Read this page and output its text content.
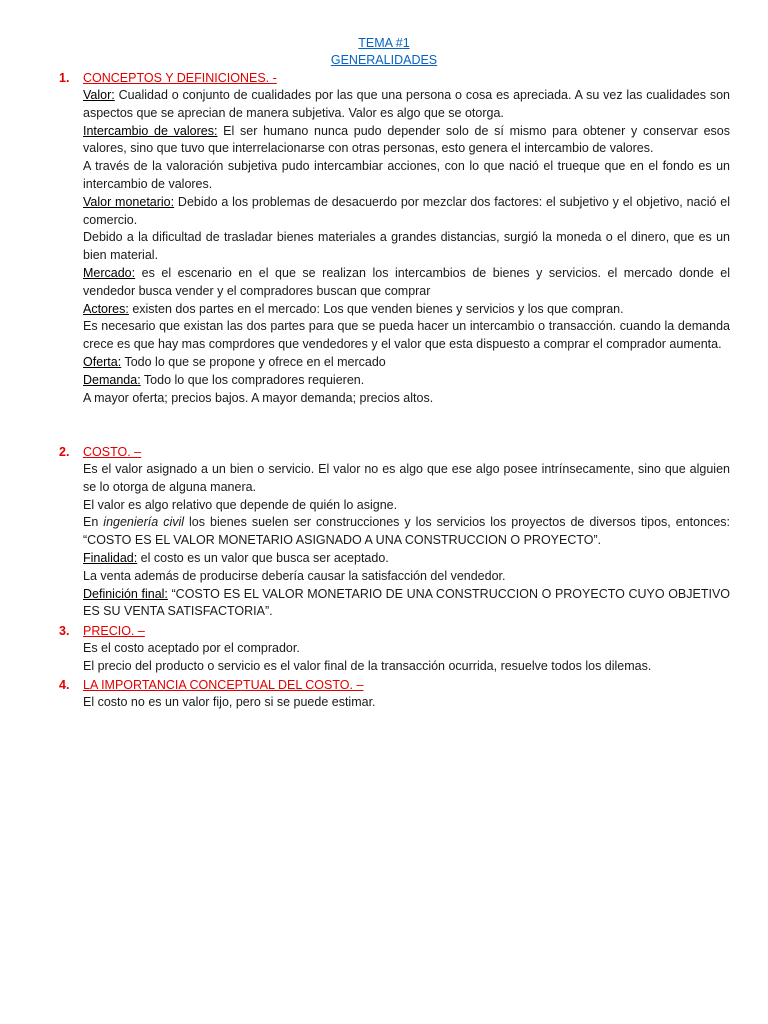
TEMA #1
GENERALIDADES
1. CONCEPTOS Y DEFINICIONES. -

Valor: Cualidad o conjunto de cualidades por las que una persona o cosa es apreciada. A su vez las cualidades son aspectos que se aprecian de manera subjetiva. Valor es algo que se otorga.

Intercambio de valores: El ser humano nunca pudo depender solo de sí mismo para obtener y conservar esos valores, sino que tuvo que interrelacionarse con otras personas, esto genera el intercambio de valores.

A través de la valoración subjetiva pudo intercambiar acciones, con lo que nació el trueque que en el fondo es un intercambio de valores.

Valor monetario: Debido a los problemas de desacuerdo por mezclar dos factores: el subjetivo y el objetivo, nació el comercio.

Debido a la dificultad de trasladar bienes materiales a grandes distancias, surgió la moneda o el dinero, que es un bien material.

Mercado: es el escenario en el que se realizan los intercambios de bienes y servicios. el mercado donde el vendedor busca vender y el compradores buscan que comprar

Actores: existen dos partes en el mercado: Los que venden bienes y servicios y los que compran.

Es necesario que existan las dos partes para que se pueda hacer un intercambio o transacción. cuando la demanda crece es que hay mas comprdores que vendedores y el valor que esta dispuesto a comprar el comprador aumenta.

Oferta: Todo lo que se propone y ofrece en el mercado

Demanda: Todo lo que los compradores requieren.

A mayor oferta; precios bajos. A mayor demanda; precios altos.

2. COSTO. –

Es el valor asignado a un bien o servicio. El valor no es algo que ese algo posee intrínsecamente, sino que alguien se lo otorga de alguna manera.

El valor es algo relativo que depende de quién lo asigne.

En ingeniería civil los bienes suelen ser construcciones y los servicios los proyectos de diversos tipos, entonces: “COSTO ES EL VALOR MONETARIO ASIGNADO A UNA CONSTRUCCION O PROYECTO”.

Finalidad: el costo es un valor que busca ser aceptado.

La venta además de producirse debería causar la satisfacción del vendedor.

Definición final: “COSTO ES EL VALOR MONETARIO DE UNA CONSTRUCCION O PROYECTO CUYO OBJETIVO ES SU VENTA SATISFACTORIA”.

3. PRECIO. –

Es el costo aceptado por el comprador.

El precio del producto o servicio es el valor final de la transacción ocurrida, resuelve todos los dilemas.

4. LA IMPORTANCIA CONCEPTUAL DEL COSTO. –

El costo no es un valor fijo, pero si se puede estimar.
